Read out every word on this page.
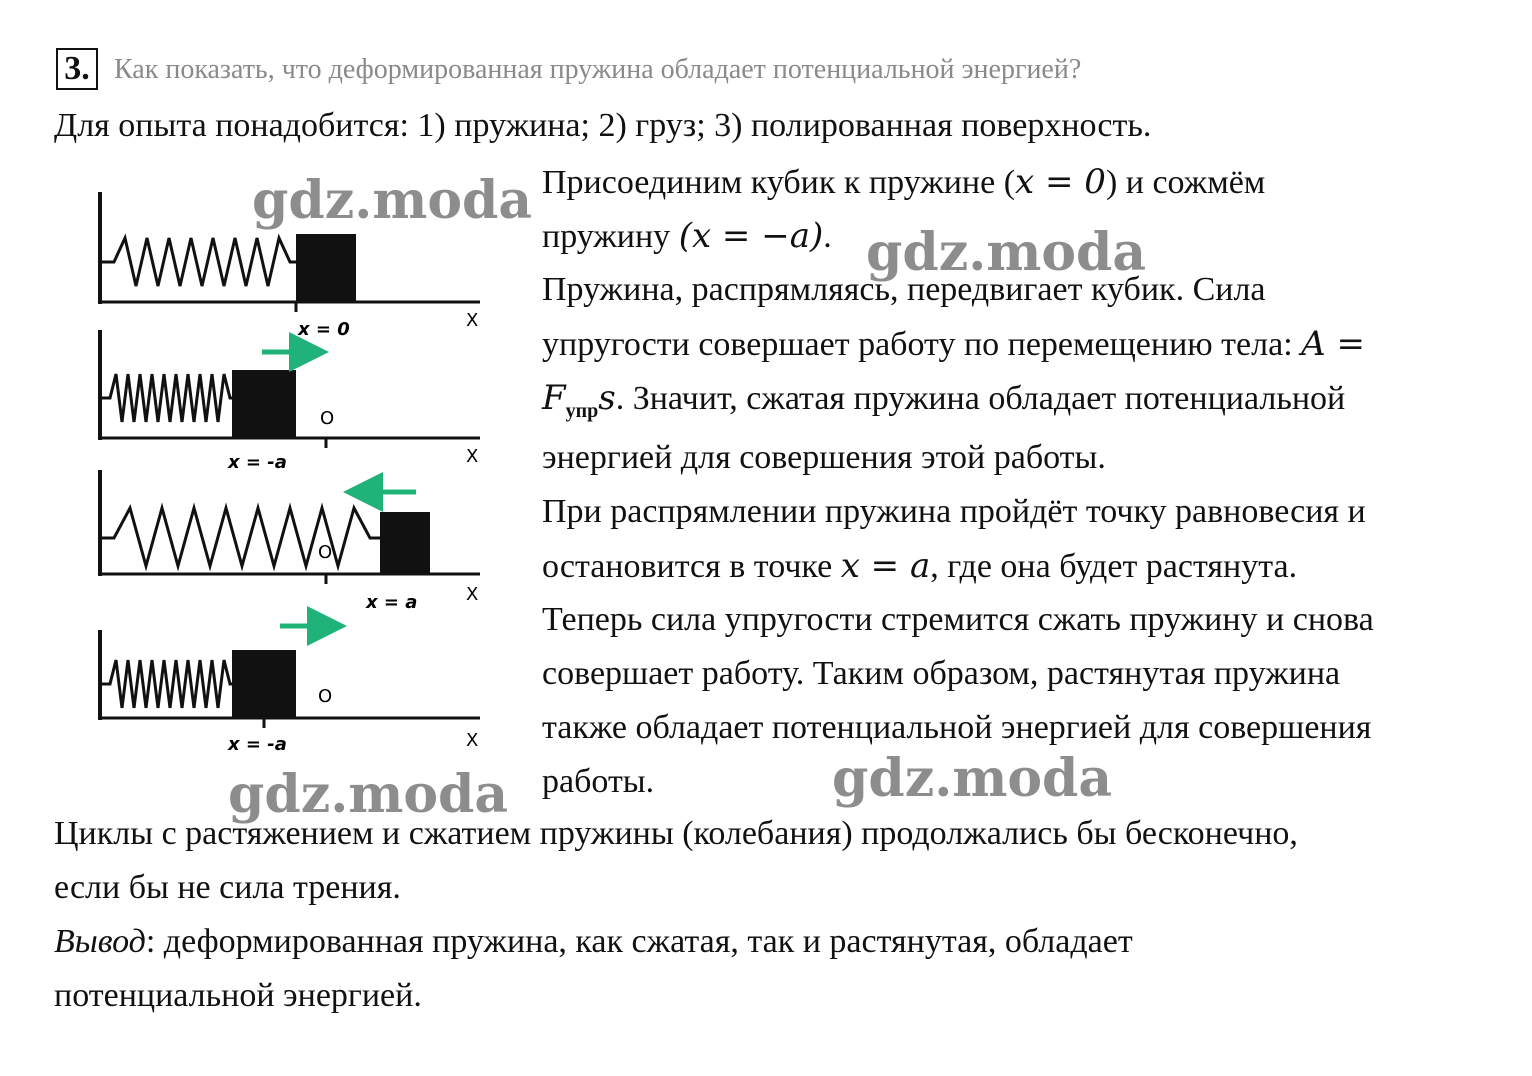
3. Как показать, что деформированная пружина обладает потенциальной энергией?
Для опыта понадобится: 1) пружина; 2) груз; 3) полированная поверхность.
x = 0	X
O
x = -a	X
O
x = a	X
O
x = -a	X
Присоединим кубик к пружине (x = 0) и сожмём
пружину (x = −a).
Пружина, распрямляясь, передвигает кубик. Сила
упругости совершает работу по перемещению тела: A =
$F_{упр}s$. Значит, сжатая пружина обладает потенциальной
энергией для совершения этой работы.
При распрямлении пружина пройдёт точку равновесия и
остановится в точке x = a, где она будет растянута.
Теперь сила упругости стремится сжать пружину и снова
совершает работу. Таким образом, растянутая пружина
также обладает потенциальной энергией для совершения
работы.
Циклы с растяжением и сжатием пружины (колебания) продолжались бы бесконечно,
если бы не сила трения.
Вывод: деформированная пружина, как сжатая, так и растянутая, обладает
потенциальной энергией.
gdz.moda
gdz.moda
gdz.moda
gdz.moda
